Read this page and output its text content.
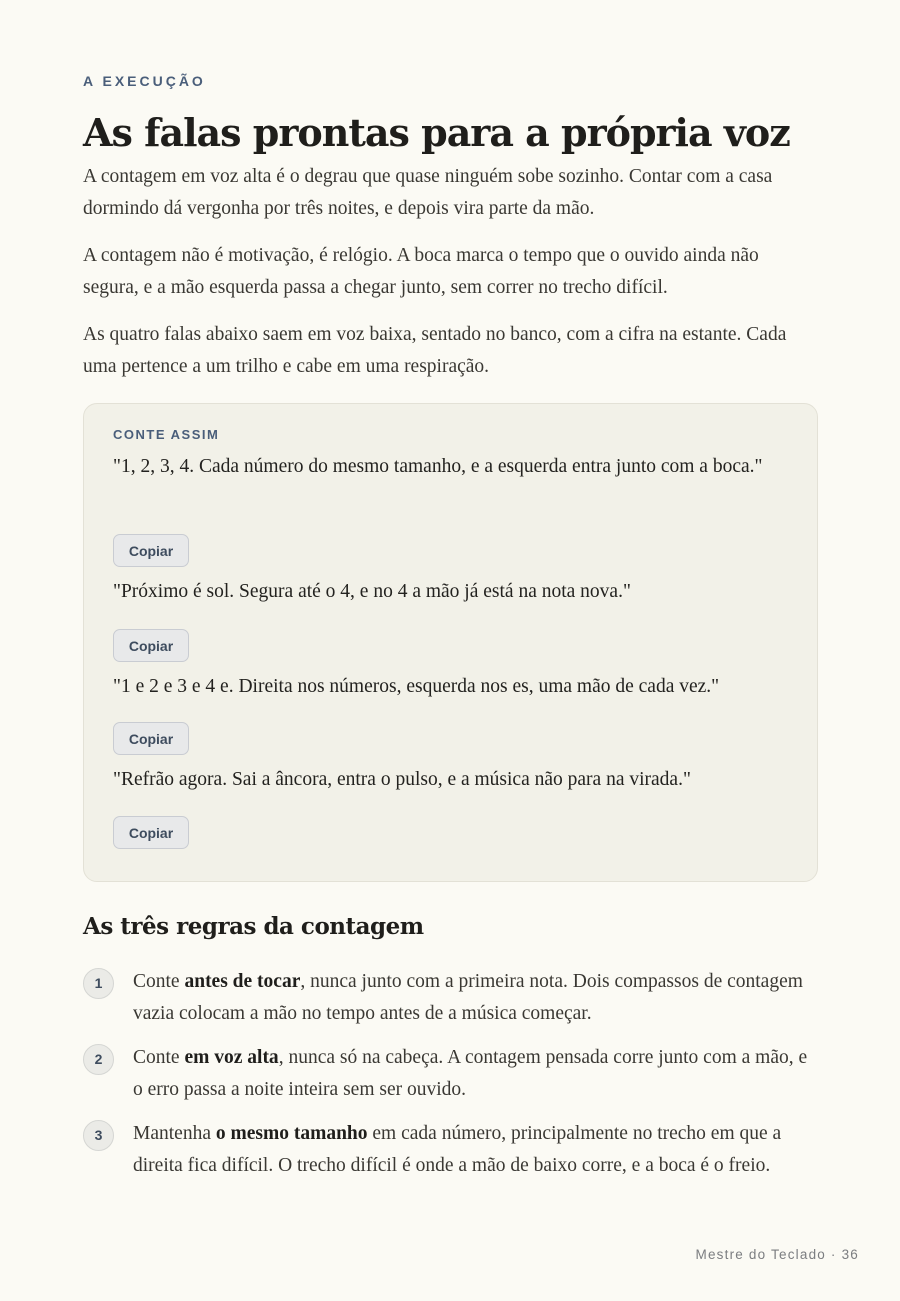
A EXECUÇÃO
As falas prontas para a própria voz

A contagem em voz alta é o degrau que quase ninguém sobe sozinho. Contar com a casa dormindo dá vergonha por três noites, e depois vira parte da mão.

A contagem não é motivação, é relógio. A boca marca o tempo que o ouvido ainda não segura, e a mão esquerda passa a chegar junto, sem correr no trecho difícil.

As quatro falas abaixo saem em voz baixa, sentado no banco, com a cifra na estante. Cada uma pertence a um trilho e cabe em uma respiração.

CONTE ASSIM

"1, 2, 3, 4. Cada número do mesmo tamanho, e a esquerda entra junto com a boca."

Copiar

"Próximo é sol. Segura até o 4, e no 4 a mão já está na nota nova."

Copiar

"1 e 2 e 3 e 4 e. Direita nos números, esquerda nos es, uma mão de cada vez."

Copiar

"Refrão agora. Sai a âncora, entra o pulso, e a música não para na virada."

Copiar
As três regras da contagem
1	Conte antes de tocar, nunca junto com a primeira nota. Dois compassos de contagem vazia colocam a mão no tempo antes de a música começar.

2	Conte em voz alta, nunca só na cabeça. A contagem pensada corre junto com a mão, e o erro passa a noite inteira sem ser ouvido.

3	Mantenha o mesmo tamanho em cada número, principalmente no trecho em que a direita fica difícil. O trecho difícil é onde a mão de baixo corre, e a boca é o freio.

Mestre do Teclado · 36
